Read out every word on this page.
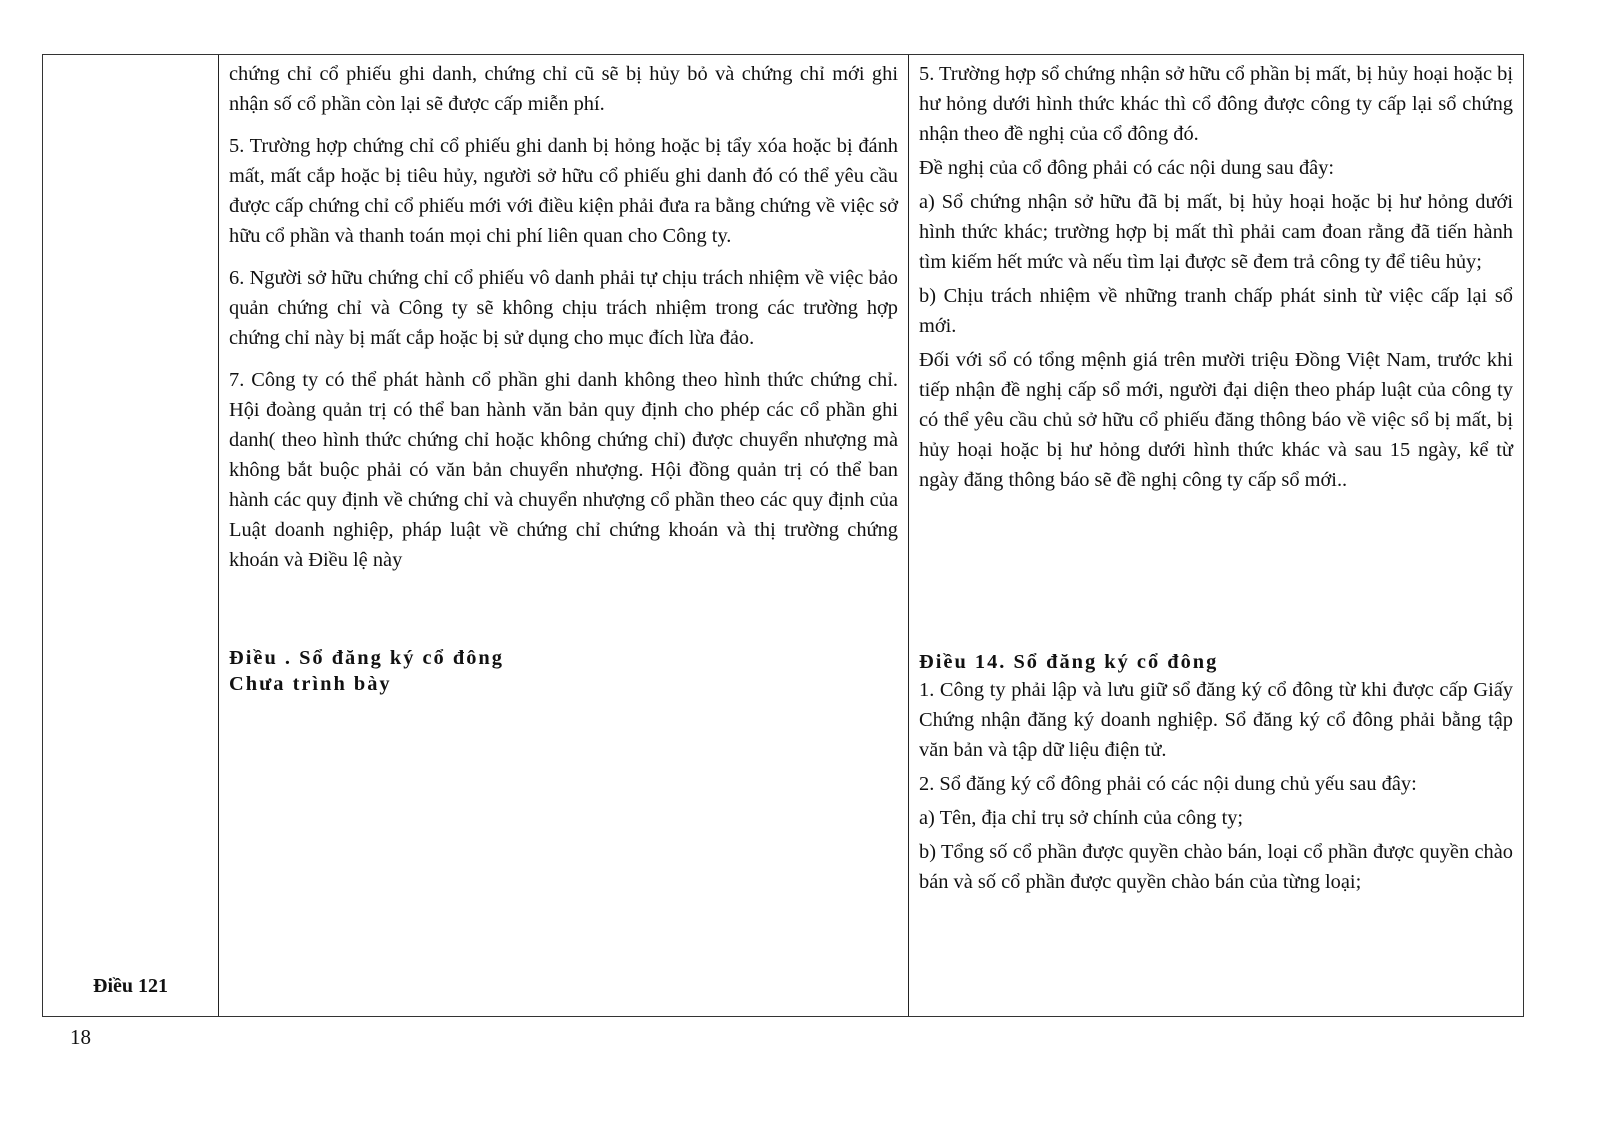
Điều 121

chứng chỉ cổ phiếu ghi danh, chứng chỉ cũ sẽ bị hủy bỏ và chứng chỉ mới ghi nhận số cổ phần còn lại sẽ được cấp miễn phí.

5. Trường hợp chứng chỉ cổ phiếu ghi danh bị hỏng hoặc bị tẩy xóa hoặc bị đánh mất, mất cắp hoặc bị tiêu hủy, người sở hữu cổ phiếu ghi danh đó có thể yêu cầu được cấp chứng chỉ cổ phiếu mới với điều kiện phải đưa ra bằng chứng về việc sở hữu cổ phần và thanh toán mọi chi phí liên quan cho Công ty.

6. Người sở hữu chứng chỉ cổ phiếu vô danh phải tự chịu trách nhiệm về việc bảo quản chứng chỉ và Công ty sẽ không chịu trách nhiệm trong các trường hợp chứng chỉ này bị mất cắp hoặc bị sử dụng cho mục đích lừa đảo.

7. Công ty có thể phát hành cổ phần ghi danh không theo hình thức chứng chỉ. Hội đoàng quản trị có thể ban hành văn bản quy định cho phép các cổ phần ghi danh( theo hình thức chứng chỉ hoặc không chứng chỉ) được chuyển nhượng mà không bắt buộc phải có văn bản chuyển nhượng. Hội đồng quản trị có thể ban hành các quy định về chứng chỉ và chuyển nhượng cổ phần theo các quy định của Luật doanh nghiệp, pháp luật về chứng chỉ chứng khoán và thị trường chứng khoán và Điều lệ này

Điều . Sổ đăng ký cổ đông
Chưa trình bày

5. Trường hợp sổ chứng nhận sở hữu cổ phần bị mất, bị hủy hoại hoặc bị hư hỏng dưới hình thức khác thì cổ đông được công ty cấp lại sổ chứng nhận theo đề nghị của cổ đông đó.

Đề nghị của cổ đông phải có các nội dung sau đây:

a) Sổ chứng nhận sở hữu đã bị mất, bị hủy hoại hoặc bị hư hỏng dưới hình thức khác; trường hợp bị mất thì phải cam đoan rằng đã tiến hành tìm kiếm hết mức và nếu tìm lại được sẽ đem trả công ty để tiêu hủy;

b) Chịu trách nhiệm về những tranh chấp phát sinh từ việc cấp lại sổ mới.

Đối với sổ có tổng mệnh giá trên mười triệu Đồng Việt Nam, trước khi tiếp nhận đề nghị cấp sổ mới, người đại diện theo pháp luật của công ty có thể yêu cầu chủ sở hữu cổ phiếu đăng thông báo về việc sổ bị mất, bị hủy hoại hoặc bị hư hỏng dưới hình thức khác và sau 15 ngày, kể từ ngày đăng thông báo sẽ đề nghị công ty cấp sổ mới..

Điều 14. Sổ đăng ký cổ đông

1. Công ty phải lập và lưu giữ sổ đăng ký cổ đông từ khi được cấp Giấy Chứng nhận đăng ký doanh nghiệp. Sổ đăng ký cổ đông phải bằng tập văn bản và tập dữ liệu điện tử.

2. Sổ đăng ký cổ đông phải có các nội dung chủ yếu sau đây:

a) Tên, địa chỉ trụ sở chính của công ty;

b) Tổng số cổ phần được quyền chào bán, loại cổ phần được quyền chào bán và số cổ phần được quyền chào bán của từng loại;

18
